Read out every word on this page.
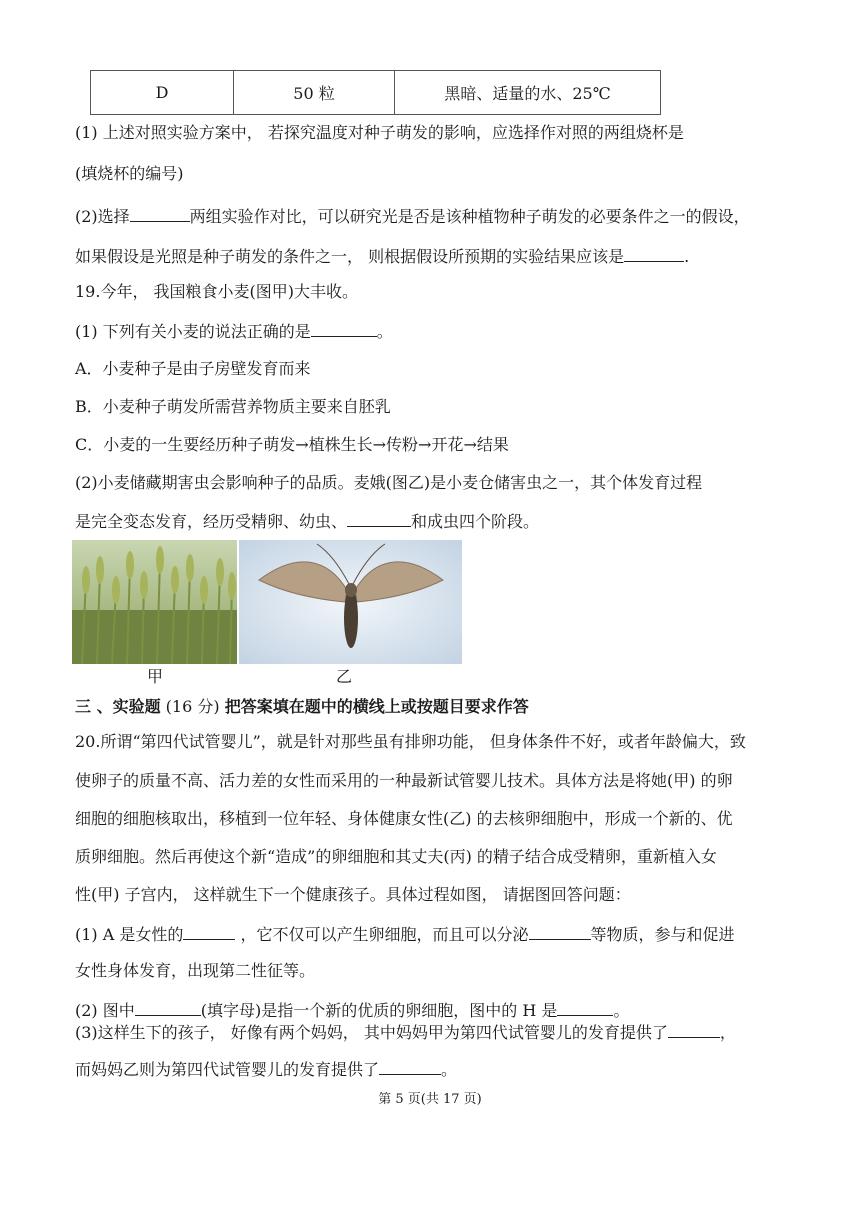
D	50 粒	黑暗、适量的水、25℃
(1) 上述对照实验方案中， 若探究温度对种子萌发的影响，应选择作对照的两组烧杯是
(填烧杯的编号)
(2)选择	两组实验作对比，可以研究光是否是该种植物种子萌发的必要条件之一的假设，
如果假设是光照是种子萌发的条件之一， 则根据假设所预期的实验结果应该是	.
19.今年， 我国粮食小麦(图甲)大丰收。
(1) 下列有关小麦的说法正确的是	。
A．小麦种子是由子房壁发育而来
B．小麦种子萌发所需营养物质主要来自胚乳
C．小麦的一生要经历种子萌发→植株生长→传粉→开花→结果
(2)小麦储藏期害虫会影响种子的品质。麦娥(图乙)是小麦仓储害虫之一，其个体发育过程
是完全变态发育，经历受精卵、幼虫、	和成虫四个阶段。
甲	乙
三 、实验题 (16 分) 把答案填在题中的横线上或按题目要求作答
20.所谓“第四代试管婴儿”，就是针对那些虽有排卵功能， 但身体条件不好，或者年龄偏大，致
使卵子的质量不高、活力差的女性而采用的一种最新试管婴儿技术。具体方法是将她(甲) 的卵
细胞的细胞核取出，移植到一位年轻、身体健康女性(乙) 的去核卵细胞中，形成一个新的、优
质卵细胞。然后再使这个新“造成”的卵细胞和其丈夫(丙) 的精子结合成受精卵，重新植入女
性(甲) 子宫内， 这样就生下一个健康孩子。具体过程如图， 请据图回答问题：
(1) A 是女性的	，它不仅可以产生卵细胞，而且可以分泌	等物质，参与和促进
女性身体发育，出现第二性征等。
(2) 图中	(填字母)是指一个新的优质的卵细胞，图中的 H 是	。
(3)这样生下的孩子， 好像有两个妈妈， 其中妈妈甲为第四代试管婴儿的发育提供了	，
第 5 页(共 17 页)
而妈妈乙则为第四代试管婴儿的发育提供了	。
